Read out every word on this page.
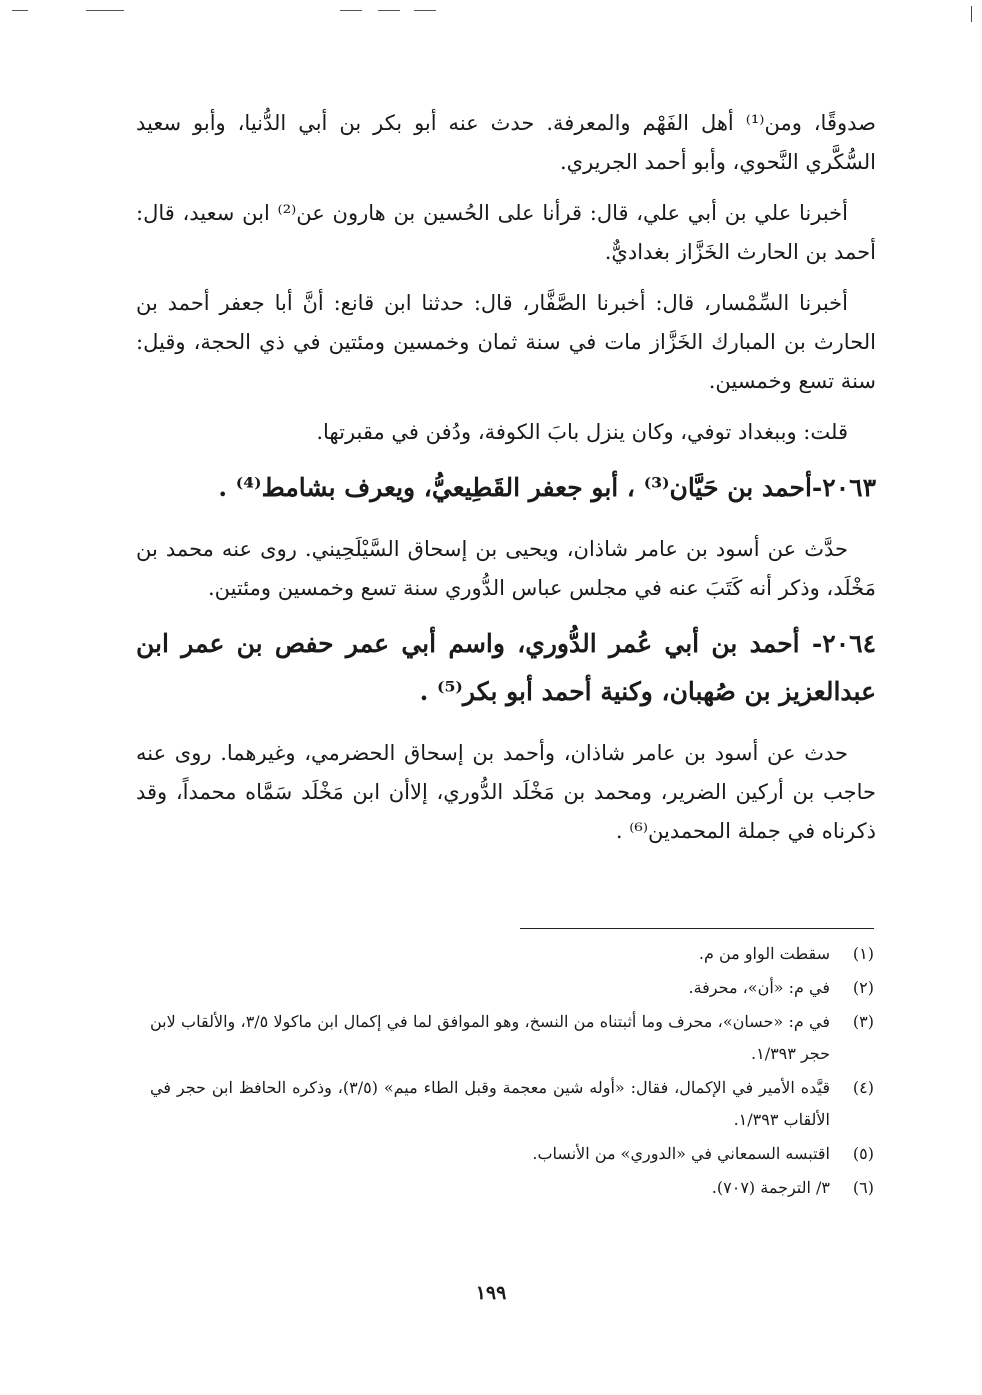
صدوقًا، ومن⁽¹⁾ أهل الفَهْم والمعرفة. حدث عنه أبو بكر بن أبي الدُّنيا، وأبو سعيد السُّكَّري النَّحوي، وأبو أحمد الجريري.

أخبرنا علي بن أبي علي، قال: قرأنا على الحُسين بن هارون عن⁽²⁾ ابن سعيد، قال: أحمد بن الحارث الخَزَّاز بغداديٌّ.

أخبرنا السِّمْسار، قال: أخبرنا الصَّفَّار، قال: حدثنا ابن قانع: أنَّ أبا جعفر أحمد بن الحارث بن المبارك الخَزَّاز مات في سنة ثمان وخمسين ومئتين في ذي الحجة، وقيل: سنة تسع وخمسين.

قلت: وببغداد توفي، وكان ينزل بابَ الكوفة، ودُفن في مقبرتها.

٢٠٦٣-أحمد بن حَيَّان⁽³⁾ ، أبو جعفر القَطِيعيُّ، ويعرف بشامط⁽⁴⁾ .

حدَّث عن أسود بن عامر شاذان، ويحيى بن إسحاق السَّيْلَحِيني. روى عنه محمد بن مَخْلَد، وذكر أنه كَتَبَ عنه في مجلس عباس الدُّوري سنة تسع وخمسين ومئتين.

٢٠٦٤- أحمد بن أبي عُمر الدُّوري، واسم أبي عمر حفص بن عمر ابن عبدالعزيز بن صُهبان، وكنية أحمد أبو بكر⁽⁵⁾ .

حدث عن أسود بن عامر شاذان، وأحمد بن إسحاق الحضرمي، وغيرهما. روى عنه حاجب بن أركين الضرير، ومحمد بن مَخْلَد الدُّوري، إلاأن ابن مَخْلَد سَمَّاه محمداً، وقد ذكرناه في جملة المحمدين⁽⁶⁾ .

(١)
سقطت الواو من م.
(٢)
في م: «أن»، محرفة.
(٣)
في م: «حسان»، محرف وما أثبتناه من النسخ، وهو الموافق لما في إكمال ابن ماكولا ٣/٥، والألقاب لابن حجر ١/٣٩٣.
(٤)
قيَّده الأمير في الإكمال، فقال: «أوله شين معجمة وقبل الطاء ميم» (٣/٥)، وذكره الحافظ ابن حجر في الألقاب ١/٣٩٣.
(٥)
اقتبسه السمعاني في «الدوري» من الأنساب.
(٦)
٣/ الترجمة (٧٠٧).
١٩٩
